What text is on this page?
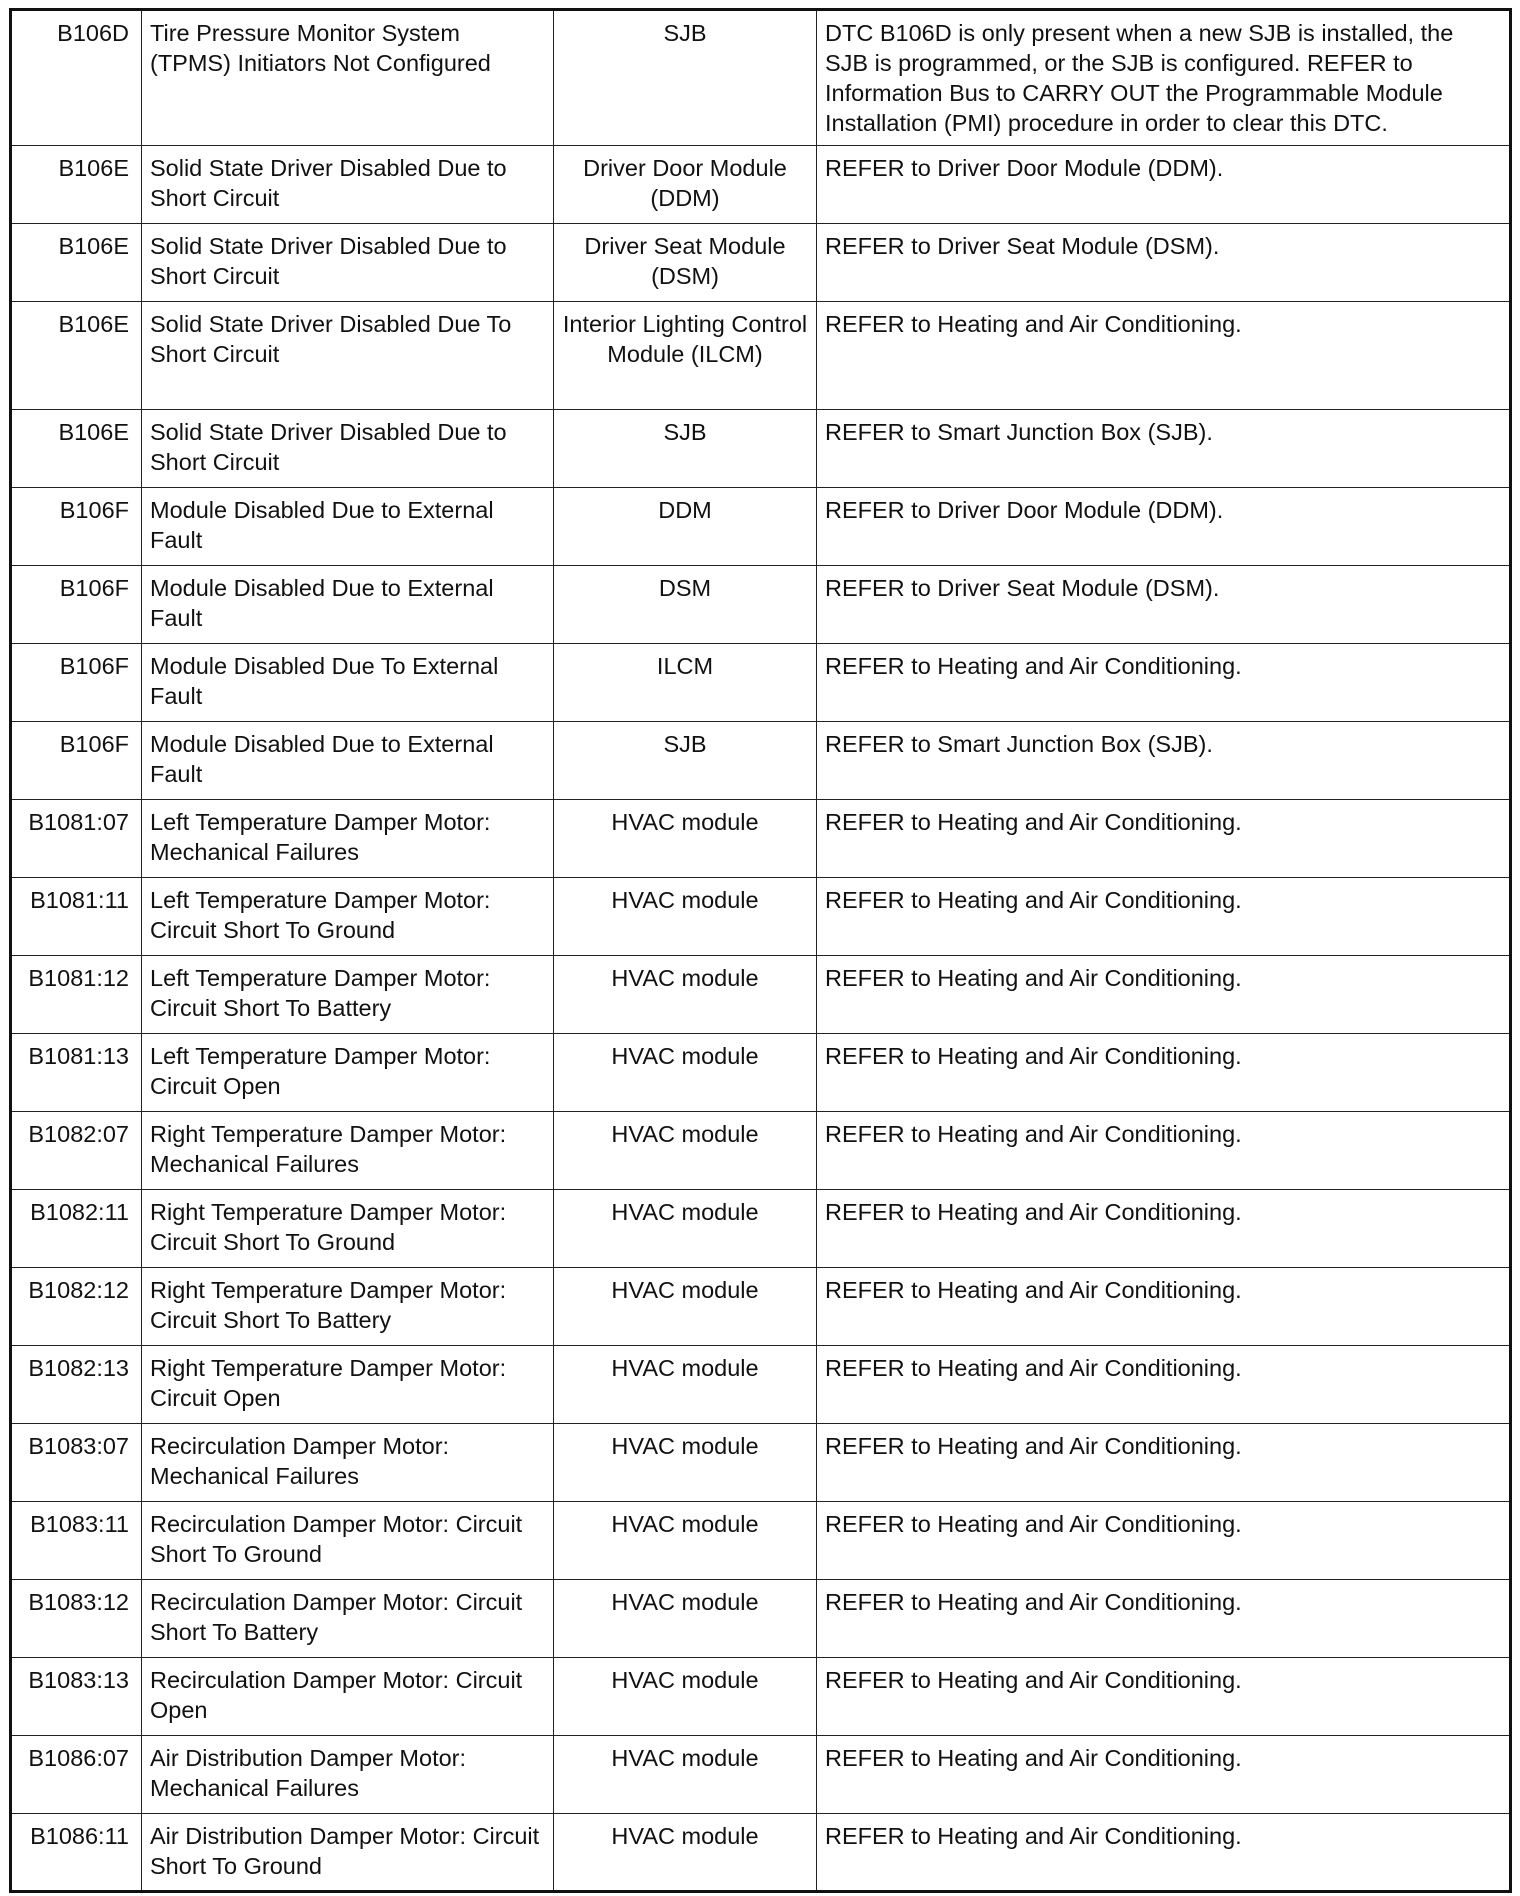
B106D	Tire Pressure Monitor System (TPMS) Initiators Not Configured	SJB	DTC B106D is only present when a new SJB is installed, the SJB is programmed, or the SJB is configured. REFER to Information Bus to CARRY OUT the Programmable Module Installation (PMI) procedure in order to clear this DTC.
B106E	Solid State Driver Disabled Due to Short Circuit	Driver Door Module (DDM)	REFER to Driver Door Module (DDM).
B106E	Solid State Driver Disabled Due to Short Circuit	Driver Seat Module (DSM)	REFER to Driver Seat Module (DSM).
B106E	Solid State Driver Disabled Due To Short Circuit	Interior Lighting Control Module (ILCM)	REFER to Heating and Air Conditioning.
B106E	Solid State Driver Disabled Due to Short Circuit	SJB	REFER to Smart Junction Box (SJB).
B106F	Module Disabled Due to External Fault	DDM	REFER to Driver Door Module (DDM).
B106F	Module Disabled Due to External Fault	DSM	REFER to Driver Seat Module (DSM).
B106F	Module Disabled Due To External Fault	ILCM	REFER to Heating and Air Conditioning.
B106F	Module Disabled Due to External Fault	SJB	REFER to Smart Junction Box (SJB).
B1081:07	Left Temperature Damper Motor: Mechanical Failures	HVAC module	REFER to Heating and Air Conditioning.
B1081:11	Left Temperature Damper Motor: Circuit Short To Ground	HVAC module	REFER to Heating and Air Conditioning.
B1081:12	Left Temperature Damper Motor: Circuit Short To Battery	HVAC module	REFER to Heating and Air Conditioning.
B1081:13	Left Temperature Damper Motor: Circuit Open	HVAC module	REFER to Heating and Air Conditioning.
B1082:07	Right Temperature Damper Motor: Mechanical Failures	HVAC module	REFER to Heating and Air Conditioning.
B1082:11	Right Temperature Damper Motor: Circuit Short To Ground	HVAC module	REFER to Heating and Air Conditioning.
B1082:12	Right Temperature Damper Motor: Circuit Short To Battery	HVAC module	REFER to Heating and Air Conditioning.
B1082:13	Right Temperature Damper Motor: Circuit Open	HVAC module	REFER to Heating and Air Conditioning.
B1083:07	Recirculation Damper Motor: Mechanical Failures	HVAC module	REFER to Heating and Air Conditioning.
B1083:11	Recirculation Damper Motor: Circuit Short To Ground	HVAC module	REFER to Heating and Air Conditioning.
B1083:12	Recirculation Damper Motor: Circuit Short To Battery	HVAC module	REFER to Heating and Air Conditioning.
B1083:13	Recirculation Damper Motor: Circuit Open	HVAC module	REFER to Heating and Air Conditioning.
B1086:07	Air Distribution Damper Motor: Mechanical Failures	HVAC module	REFER to Heating and Air Conditioning.
B1086:11	Air Distribution Damper Motor: Circuit Short To Ground	HVAC module	REFER to Heating and Air Conditioning.
